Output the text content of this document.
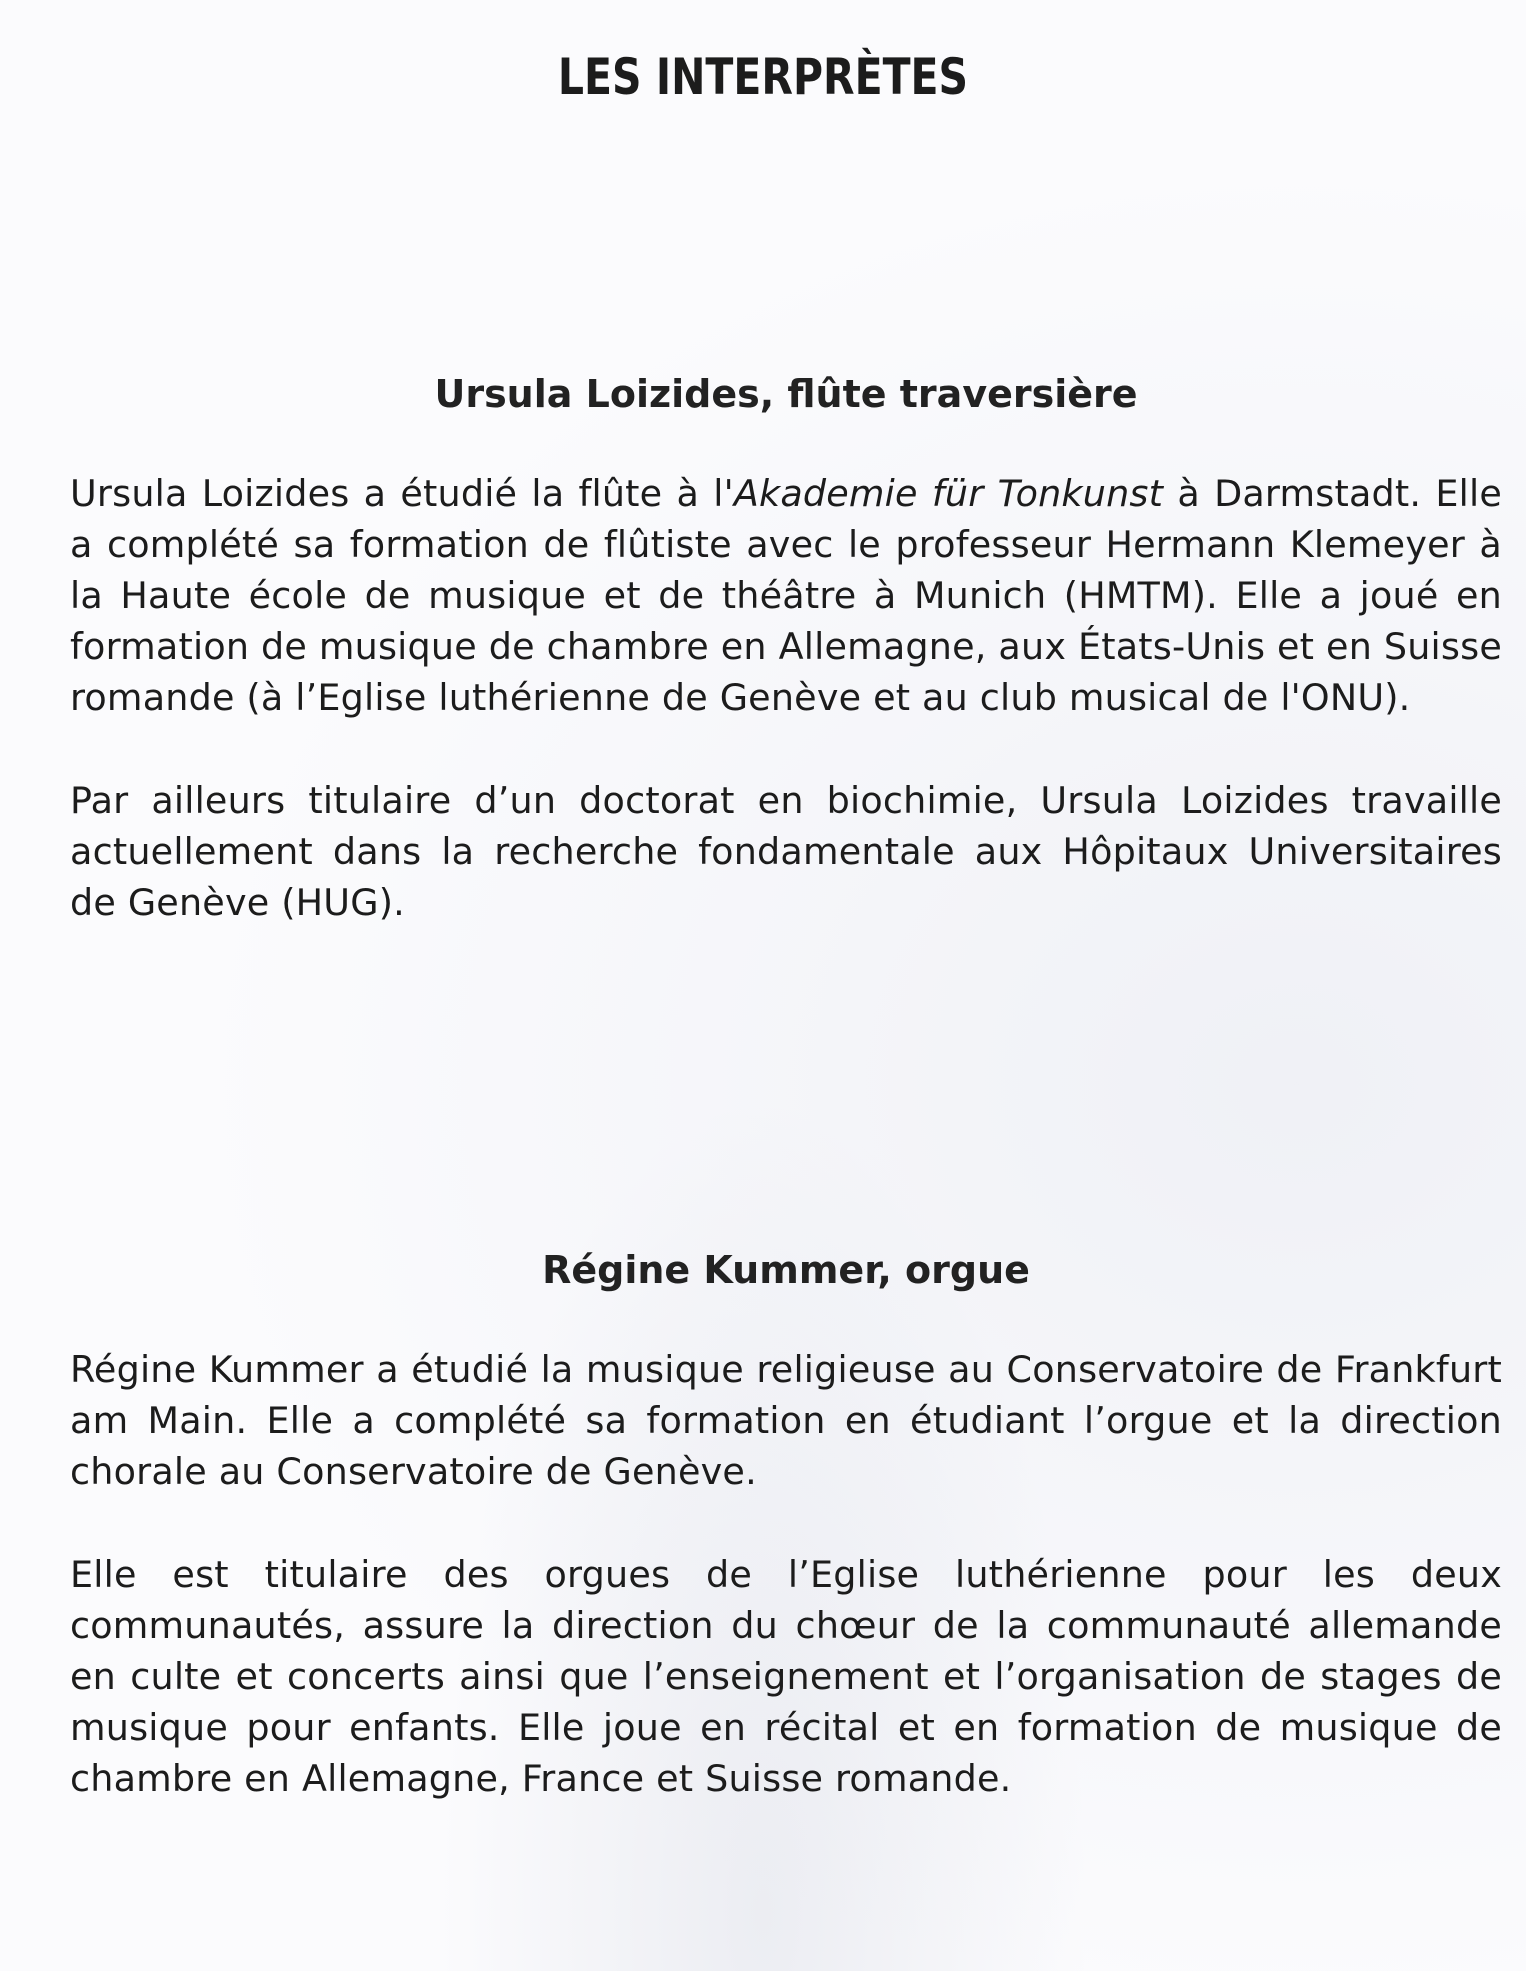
LES INTERPRÈTES
Ursula Loizides, flûte traversière

Ursula Loizides a étudié la flûte à l'Akademie für Tonkunst à Darmstadt. Elle a complété sa formation de flûtiste avec le professeur Hermann Klemeyer à la Haute école de musique et de théâtre à Munich (HMTM). Elle a joué en formation de musique de chambre en Allemagne, aux États-Unis et en Suisse romande (à l’Eglise luthérienne de Genève et au club musical de l'ONU).

Par ailleurs titulaire d’un doctorat en biochimie, Ursula Loizides travaille actuellement dans la recherche fondamentale aux Hôpitaux Universitaires de Genève (HUG).

Régine Kummer, orgue

Régine Kummer a étudié la musique religieuse au Conservatoire de Frankfurt am Main. Elle a complété sa formation en étudiant l’orgue et la direction chorale au Conservatoire de Genève.

Elle est titulaire des orgues de l’Eglise luthérienne pour les deux communautés, assure la direction du chœur de la communauté allemande en culte et concerts ainsi que l’enseignement et l’organisation de stages de musique pour enfants. Elle joue en récital et en formation de musique de chambre en Allemagne, France et Suisse romande.
